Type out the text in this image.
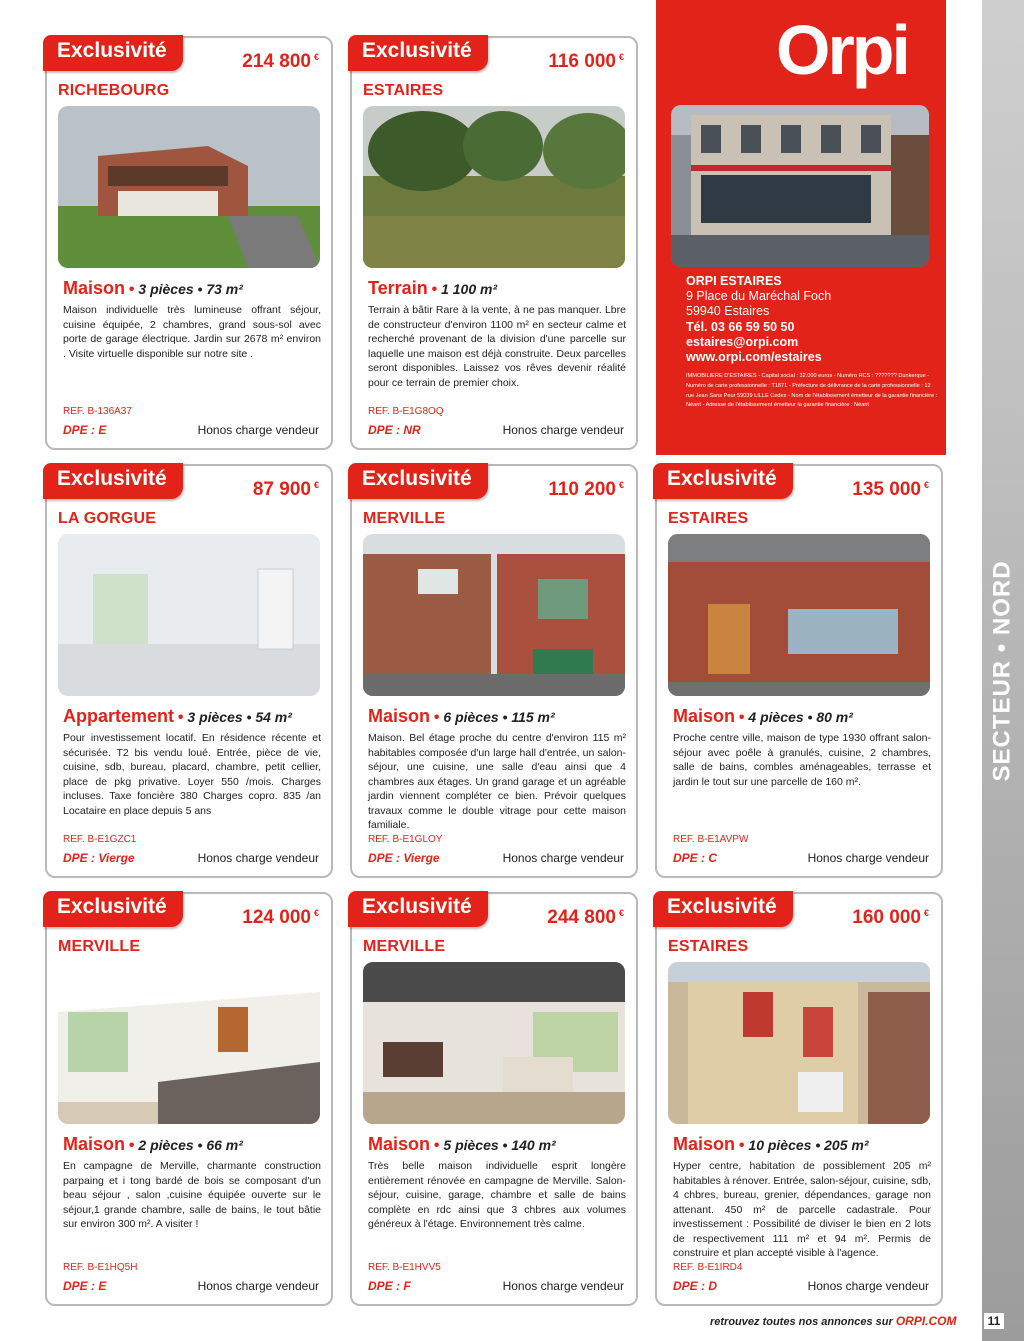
SECTEUR • NORD
Orpi
ORPI ESTAIRES
9 Place du Maréchal Foch
59940 Estaires
Tél. 03 66 59 50 50
estaires@orpi.com
www.orpi.com/estaires
IMMOBILIERE D'ESTAIRES - Capital social : 32.000 euros - Numéro RCS : ??????? Dunkerque - Numéro de carte professionnelle : T1871 - Préfecture de délivrance de la carte professionnelle : 12 rue Jean Sans Peur 59039 LILLE Cedex - Nom de l'établissement émetteur de la garantie financière : Néant - Adresse de l'établissement émetteur la garantie financière : Néant
Exclusivité	214 800 €
RICHEBOURG
Maison • 3 pièces • 73 m²
Maison individuelle très lumineuse offrant séjour, cuisine équipée, 2 chambres, grand sous-sol avec porte de garage électrique. Jardin sur 2678 m² environ . Visite virtuelle disponible sur notre site .
REF. B-136A37
DPE : E	Honos charge vendeur
Exclusivité	116 000 €
ESTAIRES
Terrain • 1 100 m²
Terrain à bâtir Rare à la vente, à ne pas manquer. Lbre de constructeur d'environ 1100 m² en secteur calme et recherché provenant de la division d'une parcelle sur laquelle une maison est déjà construite. Deux parcelles seront disponibles. Laissez vos rêves devenir réalité pour ce terrain de premier choix.
REF. B-E1G8OQ
DPE : NR	Honos charge vendeur
Exclusivité	87 900 €
LA GORGUE
Appartement • 3 pièces • 54 m²
Pour investissement locatif. En résidence récente et sécurisée. T2 bis vendu loué. Entrée, pièce de vie, cuisine, sdb, bureau, placard, chambre, petit cellier, place de pkg privative. Loyer 550 /mois. Charges incluses. Taxe foncière 380 Charges copro. 835 /an Locataire en place depuis 5 ans
REF. B-E1GZC1
DPE : Vierge	Honos charge vendeur
Exclusivité	110 200 €
MERVILLE
Maison • 6 pièces • 115 m²
Maison. Bel étage proche du centre d'environ 115 m² habitables composée d'un large hall d'entrée, un salon-séjour, une cuisine, une salle d'eau ainsi que 4 chambres aux étages. Un grand garage et un agréable jardin viennent compléter ce bien. Prévoir quelques travaux comme le double vitrage pour cette maison familiale.
REF. B-E1GLOY
DPE : Vierge	Honos charge vendeur
Exclusivité	135 000 €
ESTAIRES
Maison • 4 pièces • 80 m²
Proche centre ville, maison de type 1930 offrant salon-séjour avec poêle à granulés, cuisine, 2 chambres, salle de bains, combles aménageables, terrasse et jardin le tout sur une parcelle de 160 m².
REF. B-E1AVPW
DPE : C	Honos charge vendeur
Exclusivité	124 000 €
MERVILLE
Maison • 2 pièces • 66 m²
En campagne de Merville, charmante construction parpaing et i tong bardé de bois se composant d'un beau séjour , salon ,cuisine équipée ouverte sur le séjour,1 grande chambre, salle de bains, le tout bâtie sur environ 300 m². A visiter !
REF. B-E1HQ5H
DPE : E	Honos charge vendeur
Exclusivité	244 800 €
MERVILLE
Maison • 5 pièces • 140 m²
Très belle maison individuelle esprit longère entièrement rénovée en campagne de Merville. Salon-séjour, cuisine, garage, chambre et salle de bains complète en rdc ainsi que 3 chbres aux volumes généreux à l'étage. Environnement très calme.
REF. B-E1HVV5
DPE : F	Honos charge vendeur
Exclusivité	160 000 €
ESTAIRES
Maison • 10 pièces • 205 m²
Hyper centre, habitation de possiblement 205 m² habitables à rénover. Entrée, salon-séjour, cuisine, sdb, 4 chbres, bureau, grenier, dépendances, garage non attenant. 450 m² de parcelle cadastrale. Pour investissement : Possibilité de diviser le bien en 2 lots de respectivement 111 m² et 94 m². Permis de construire et plan accepté visible à l'agence.
REF. B-E1IRD4
DPE : D	Honos charge vendeur
retrouvez toutes nos annonces sur ORPI.COM	11
